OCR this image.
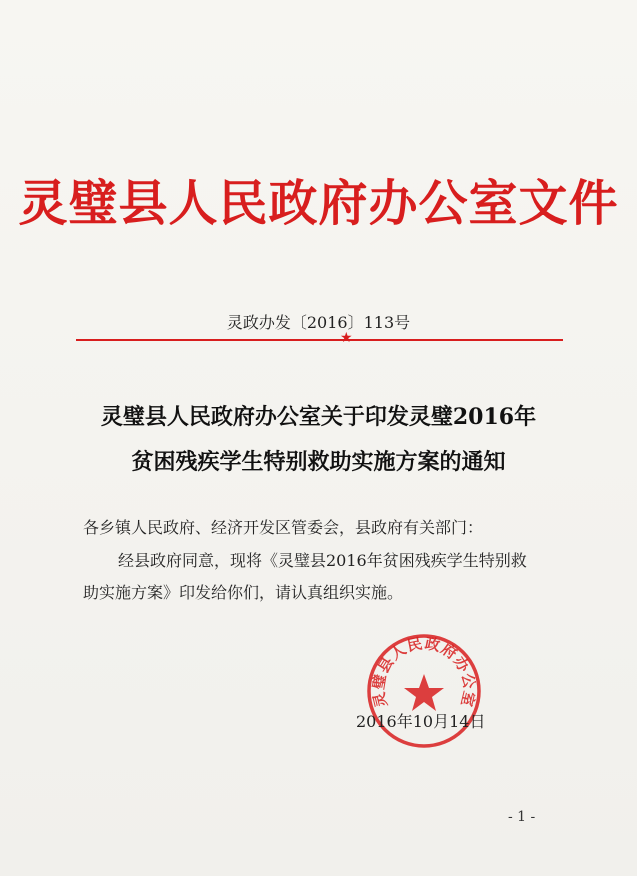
灵璧县人民政府办公室文件
灵政办发〔2016〕113号
★
灵璧县人民政府办公室关于印发灵璧2016年
贫困残疾学生特别救助实施方案的通知
各乡镇人民政府、经济开发区管委会，县政府有关部门：
经县政府同意，现将《灵璧县2016年贫困残疾学生特别救
助实施方案》印发给你们，请认真组织实施。
灵璧县人民政府办公室
2016年10月14日
- 1 -
